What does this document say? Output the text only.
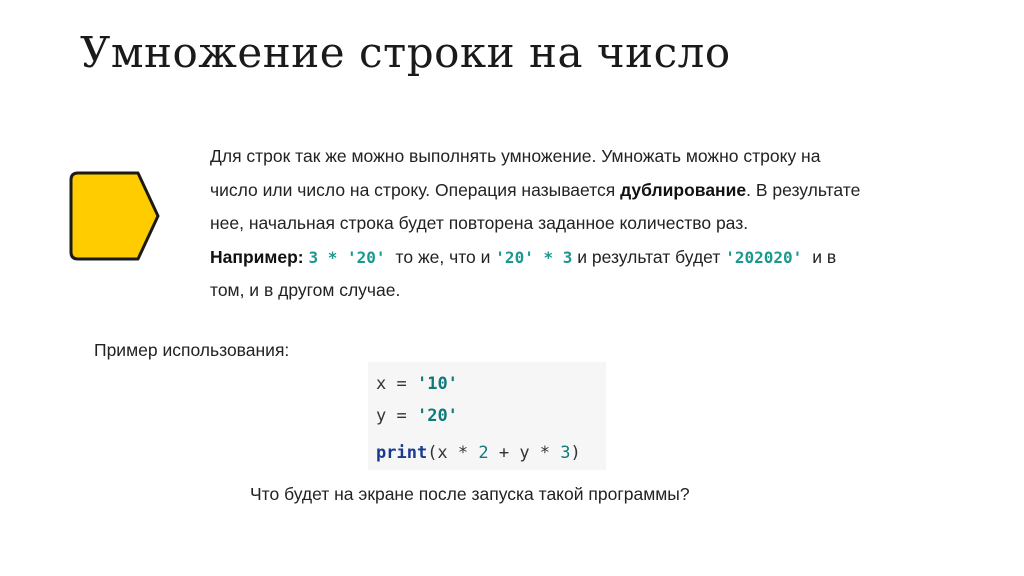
Умножение строки на число
Для строк так же можно выполнять умножение. Умножать можно строку на
число или число на строку. Операция называется дублирование. В результате
нее, начальная строка будет повторена заданное количество раз.
Например: 3 * '20' то же, что и '20' * 3 и результат будет '202020' и в
том, и в другом случае.
Пример использования:
x = '10'
y = '20'
print(x * 2 + y * 3)
Что будет на экране после запуска такой программы?
